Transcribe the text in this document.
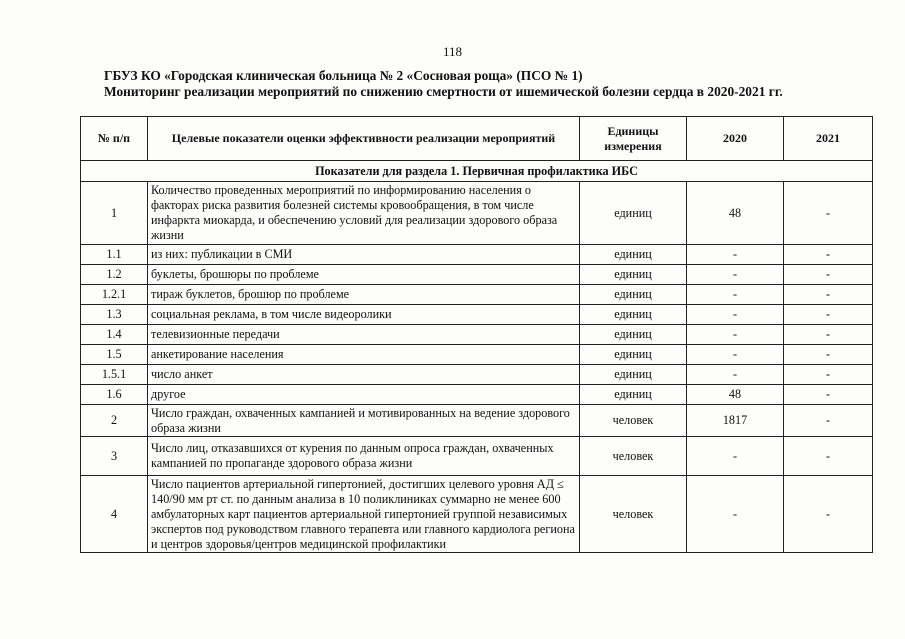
118
ГБУЗ КО «Городская клиническая больница № 2 «Сосновая роща» (ПСО № 1)
Мониторинг реализации мероприятий по снижению смертности от ишемической болезни сердца в 2020-2021 гг.
№ п/п	Целевые показатели оценки эффективности реализации мероприятий	Единицы измерения	2020	2021
Показатели для раздела 1. Первичная профилактика ИБС				
1	Количество проведенных мероприятий по информированию населения о факторах риска развития болезней системы кровообращения, в том числе инфаркта миокарда, и обеспечению условий для реализации здорового образа жизни	единиц	48	-
1.1	из них: публикации в СМИ	единиц	-	-
1.2	буклеты, брошюры по проблеме	единиц	-	-
1.2.1	тираж буклетов, брошюр по проблеме	единиц	-	-
1.3	социальная реклама, в том числе видеоролики	единиц	-	-
1.4	телевизионные передачи	единиц	-	-
1.5	анкетирование населения	единиц	-	-
1.5.1	число анкет	единиц	-	-
1.6	другое	единиц	48	-
2	Число граждан, охваченных кампанией и мотивированных на ведение здорового образа жизни	человек	1817	-
3	Число лиц, отказавшихся от курения по данным опроса граждан, охваченных кампанией по пропаганде здорового образа жизни	человек	-	-
4	Число пациентов артериальной гипертонией, достигших целевого уровня АД ≤ 140/90 мм рт ст. по данным анализа в 10 поликлиниках суммарно не менее 600 амбулаторных карт пациентов артериальной гипертонией группой независимых экспертов под руководством главного терапевта или главного кардиолога региона и центров здоровья/центров медицинской профилактики	человек	-	-
